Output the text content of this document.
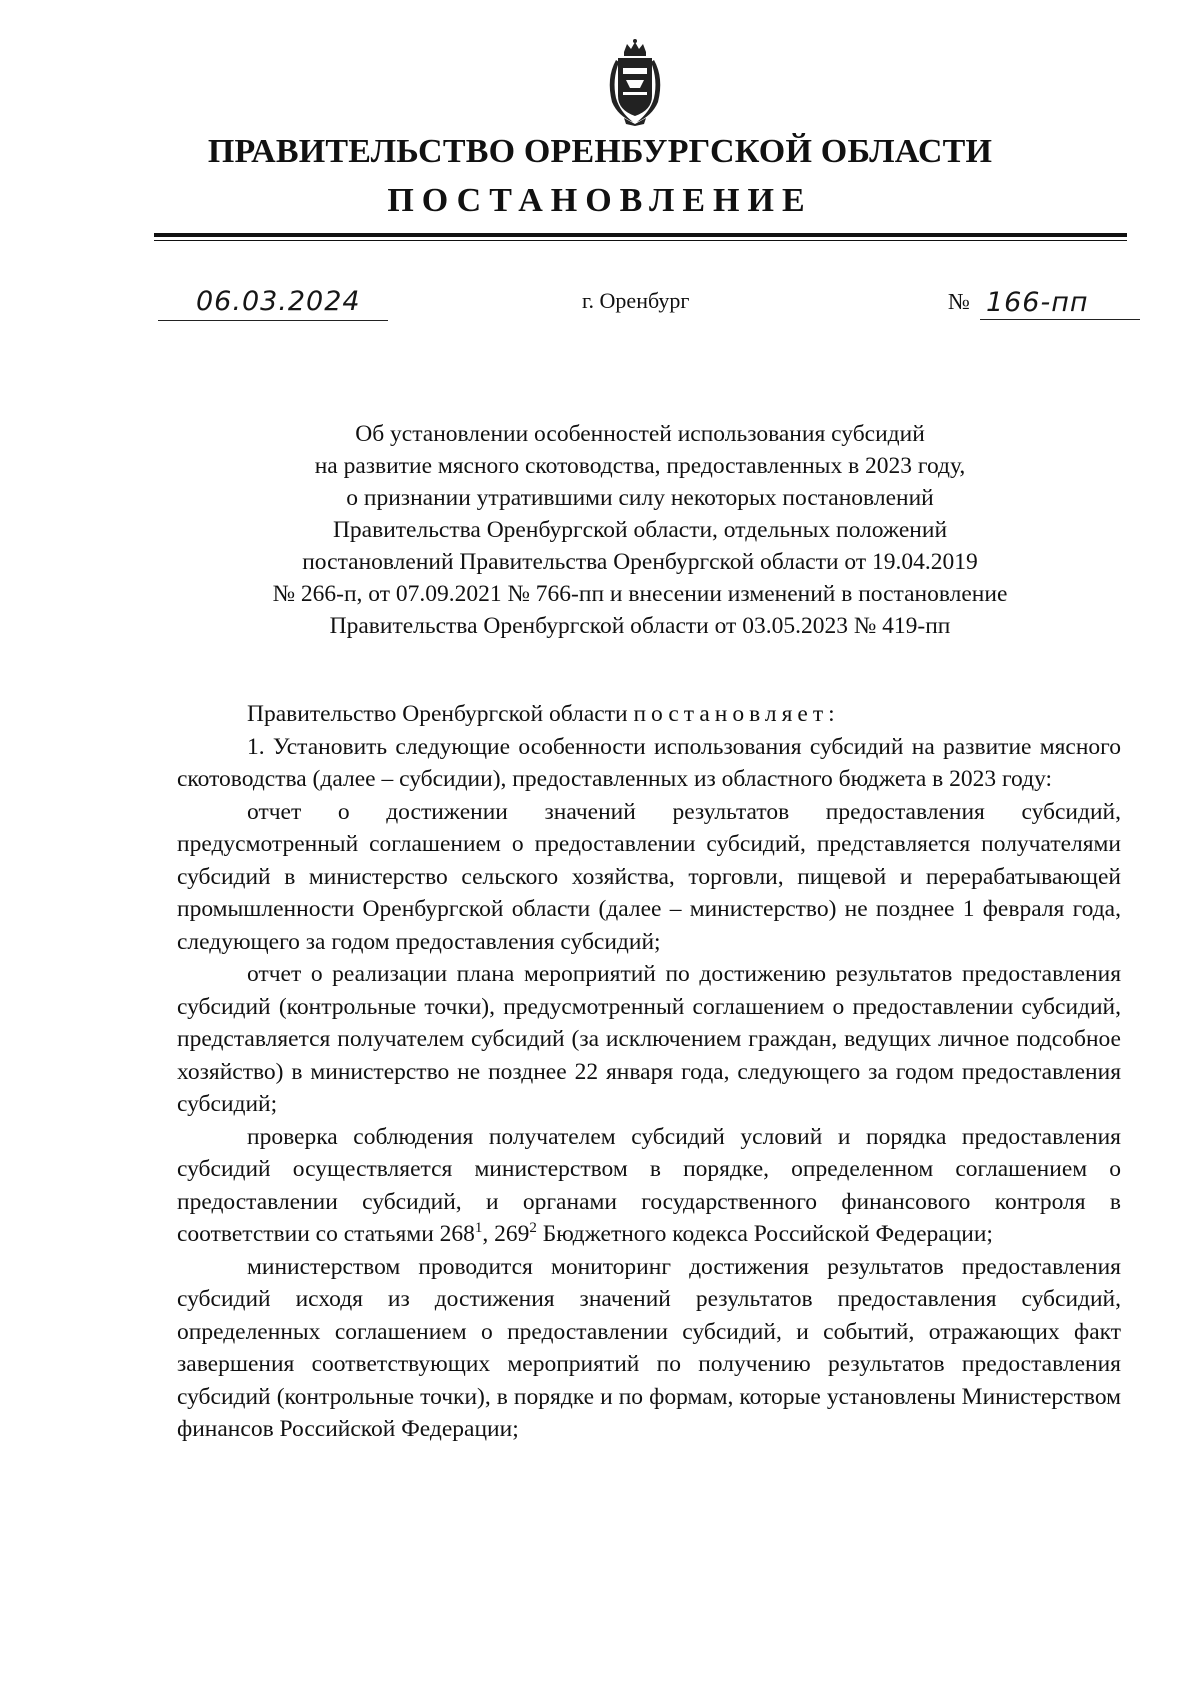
ПРАВИТЕЛЬСТВО ОРЕНБУРГСКОЙ ОБЛАСТИ
ПОСТАНОВЛЕНИЕ
06.03.2024	г. Оренбург	№ 166-пп
Об установлении особенностей использования субсидий
на развитие мясного скотоводства, предоставленных в 2023 году,
о признании утратившими силу некоторых постановлений
Правительства Оренбургской области, отдельных положений
постановлений Правительства Оренбургской области от 19.04.2019
№ 266-п, от 07.09.2021 № 766-пп и внесении изменений в постановление
Правительства Оренбургской области от 03.05.2023 № 419-пп

Правительство Оренбургской области постановляет:

1. Установить следующие особенности использования субсидий на развитие мясного скотоводства (далее – субсидии), предоставленных из областного бюджета в 2023 году:

отчет о достижении значений результатов предоставления субсидий, предусмотренный соглашением о предоставлении субсидий, представляется получателями субсидий в министерство сельского хозяйства, торговли, пищевой и перерабатывающей промышленности Оренбургской области (далее – министерство) не позднее 1 февраля года, следующего за годом предоставления субсидий;

отчет о реализации плана мероприятий по достижению результатов предоставления субсидий (контрольные точки), предусмотренный соглашением о предоставлении субсидий, представляется получателем субсидий (за исключением граждан, ведущих личное подсобное хозяйство) в министерство не позднее 22 января года, следующего за годом предоставления субсидий;

проверка соблюдения получателем субсидий условий и порядка предоставления субсидий осуществляется министерством в порядке, определенном соглашением о предоставлении субсидий, и органами государственного финансового контроля в соответствии со статьями $268^1$, $269^2$ Бюджетного кодекса Российской Федерации;

министерством проводится мониторинг достижения результатов предоставления субсидий исходя из достижения значений результатов предоставления субсидий, определенных соглашением о предоставлении субсидий, и событий, отражающих факт завершения соответствующих мероприятий по получению результатов предоставления субсидий (контрольные точки), в порядке и по формам, которые установлены Министерством финансов Российской Федерации;
